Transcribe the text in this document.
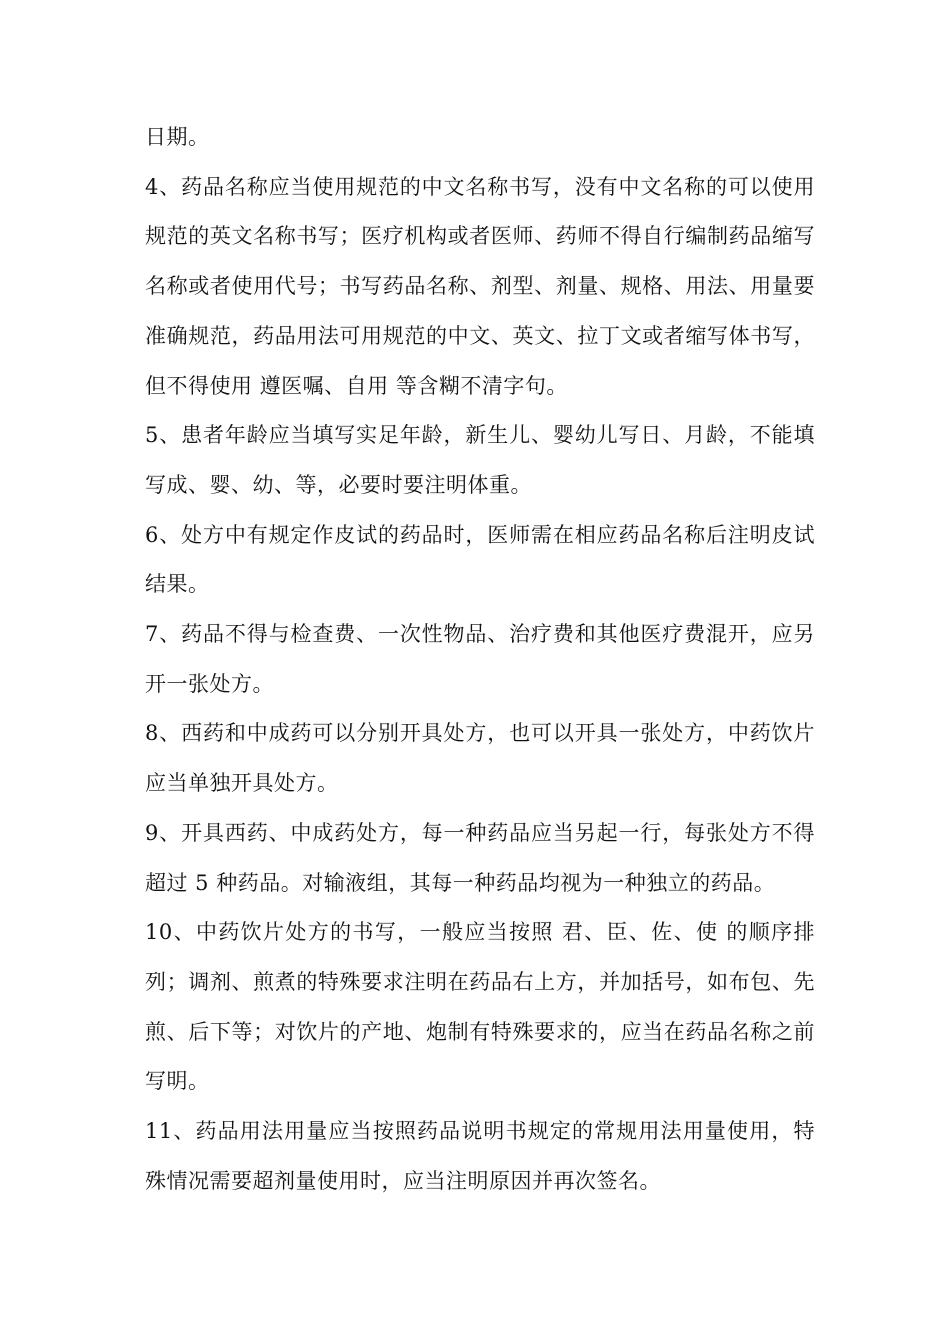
日期。

4、药品名称应当使用规范的中文名称书写，没有中文名称的可以使用规范的英文名称书写；医疗机构或者医师、药师不得自行编制药品缩写名称或者使用代号；书写药品名称、剂型、剂量、规格、用法、用量要准确规范，药品用法可用规范的中文、英文、拉丁文或者缩写体书写，但不得使用 遵医嘱、自用 等含糊不清字句。

5、患者年龄应当填写实足年龄，新生儿、婴幼儿写日、月龄，不能填写成、婴、幼、等，必要时要注明体重。

6、处方中有规定作皮试的药品时，医师需在相应药品名称后注明皮试结果。

7、药品不得与检查费、一次性物品、治疗费和其他医疗费混开，应另开一张处方。

8、西药和中成药可以分别开具处方，也可以开具一张处方，中药饮片应当单独开具处方。

9、开具西药、中成药处方，每一种药品应当另起一行，每张处方不得超过 5 种药品。对输液组，其每一种药品均视为一种独立的药品。

10、中药饮片处方的书写，一般应当按照 君、臣、佐、使 的顺序排列；调剂、煎煮的特殊要求注明在药品右上方，并加括号，如布包、先煎、后下等；对饮片的产地、炮制有特殊要求的，应当在药品名称之前写明。

11、药品用法用量应当按照药品说明书规定的常规用法用量使用，特殊情况需要超剂量使用时，应当注明原因并再次签名。
